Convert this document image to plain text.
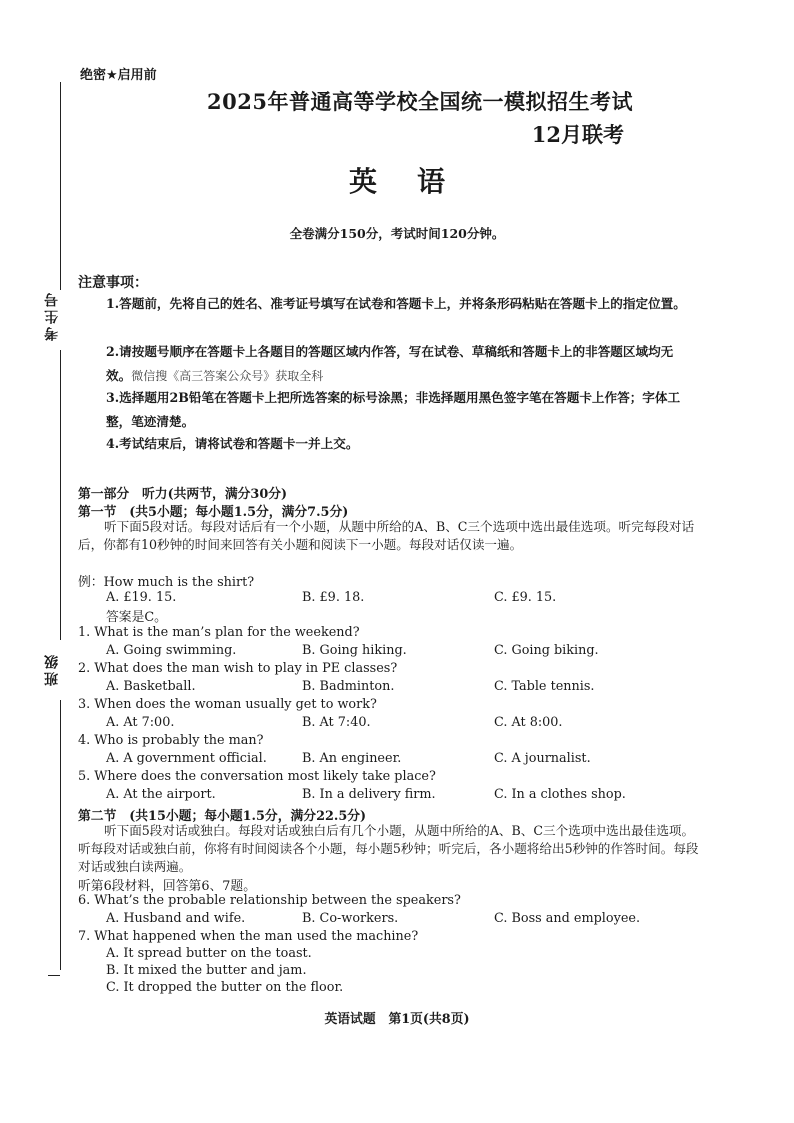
考生号
班级
绝密★启用前
2025年普通高等学校全国统一模拟招生考试
12月联考
英语
全卷满分150分，考试时间120分钟。
注意事项：
1.答题前，先将自己的姓名、准考证号填写在试卷和答题卡上，并将条形码粘贴在答题卡上的指定位置。
2.请按题号顺序在答题卡上各题目的答题区域内作答，写在试卷、草稿纸和答题卡上的非答题区域均无效。微信搜《高三答案公众号》获取全科
3.选择题用2B铅笔在答题卡上把所选答案的标号涂黑；非选择题用黑色签字笔在答题卡上作答；字体工整，笔迹清楚。
4.考试结束后，请将试卷和答题卡一并上交。
第一部分　听力(共两节，满分30分)
第一节　(共5小题；每小题1.5分，满分7.5分)
听下面5段对话。每段对话后有一个小题，从题中所给的A、B、C三个选项中选出最佳选项。听完每段对话后，你都有10秒钟的时间来回答有关小题和阅读下一小题。每段对话仅读一遍。
例：How much is the shirt?
A. £19. 15.	B. £9. 18.	C. £9. 15.
答案是C。
1. What is the man’s plan for the weekend?
A. Going swimming.	B. Going hiking.	C. Going biking.
2. What does the man wish to play in PE classes?
A. Basketball.	B. Badminton.	C. Table tennis.
3. When does the woman usually get to work?
A. At 7:00.	B. At 7:40.	C. At 8:00.
4. Who is probably the man?
A. A government official.	B. An engineer.	C. A journalist.
5. Where does the conversation most likely take place?
A. At the airport.	B. In a delivery firm.	C. In a clothes shop.
第二节　(共15小题；每小题1.5分，满分22.5分)
听下面5段对话或独白。每段对话或独白后有几个小题，从题中所给的A、B、C三个选项中选出最佳选项。听每段对话或独白前，你将有时间阅读各个小题，每小题5秒钟；听完后，各小题将给出5秒钟的作答时间。每段对话或独白读两遍。
听第6段材料，回答第6、7题。
6. What’s the probable relationship between the speakers?
A. Husband and wife.	B. Co-workers.	C. Boss and employee.
7. What happened when the man used the machine?
A. It spread butter on the toast.
B. It mixed the butter and jam.
C. It dropped the butter on the floor.
英语试题　第1页(共8页)
